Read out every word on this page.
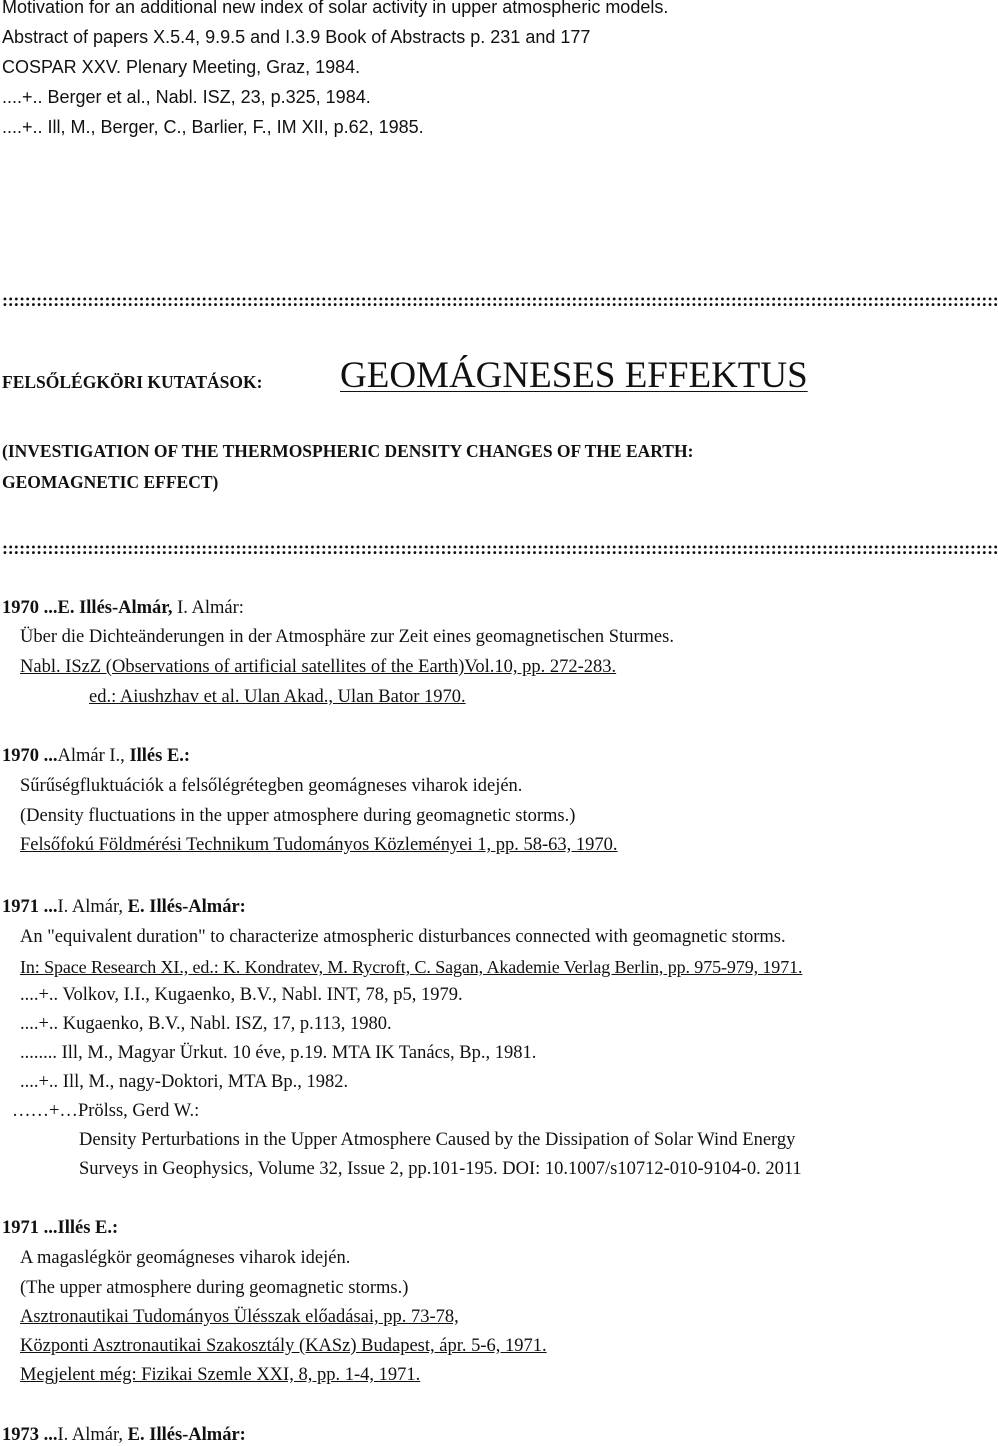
Motivation for an additional new index of solar activity in upper atmospheric models.
Abstract of papers X.5.4, 9.9.5 and I.3.9 Book of Abstracts p. 231 and 177
COSPAR XXV. Plenary Meeting, Graz, 1984.
....+.. Berger et al., Nabl. ISZ, 23, p.325, 1984.
....+.. Ill, M., Berger, C., Barlier, F., IM XII, p.62, 1985.
:::::::::::::::::::::::::::::::::::::::::::::::::::::::::::::::::::::::::::::::::::::::::::::::::::::::::::::::::::::::::::::::::::::::::::::::::::::::::::::::::::::::::::::::
FELSŐLÉGKÖRI KUTATÁSOK: GEOMÁGNESES EFFEKTUS
(INVESTIGATION OF THE THERMOSPHERIC DENSITY CHANGES OF THE EARTH:
GEOMAGNETIC EFFECT)
:::::::::::::::::::::::::::::::::::::::::::::::::::::::::::::::::::::::::::::::::::::::::::::::::::::::::::::::::::::::::::::::::::::::::::::::::::::::::::::::::::::::::::::::
1970 ...E. Illés-Almár, I. Almár:
Über die Dichteänderungen in der Atmosphäre zur Zeit eines geomagnetischen Sturmes.
Nabl. ISzZ (Observations of artificial satellites of the Earth)Vol.10, pp. 272-283.
ed.: Aiushzhav et al. Ulan Akad., Ulan Bator 1970.
1970 ...Almár I., Illés E.:
Sűrűségfluktuációk a felsőlégrétegben geomágneses viharok idején.
(Density fluctuations in the upper atmosphere during geomagnetic storms.)
Felsőfokú Földmérési Technikum Tudományos Közleményei 1, pp. 58-63, 1970.
1971 ...I. Almár, E. Illés-Almár:
An "equivalent duration" to characterize atmospheric disturbances connected with geomagnetic storms.
In: Space Research XI., ed.: K. Kondratev, M. Rycroft, C. Sagan, Akademie Verlag Berlin, pp. 975-979, 1971.
....+.. Volkov, I.I., Kugaenko, B.V., Nabl. INT, 78, p5, 1979.
....+.. Kugaenko, B.V., Nabl. ISZ, 17, p.113, 1980.
........ Ill, M., Magyar Ürkut. 10 éve, p.19. MTA IK Tanács, Bp., 1981.
....+.. Ill, M., nagy-Doktori, MTA Bp., 1982.
……+…Prölss, Gerd W.:
Density Perturbations in the Upper Atmosphere Caused by the Dissipation of Solar Wind Energy
Surveys in Geophysics, Volume 32, Issue 2, pp.101-195. DOI: 10.1007/s10712-010-9104-0. 2011
1971 ...Illés E.:
A magaslégkör geomágneses viharok idején.
(The upper atmosphere during geomagnetic storms.)
Asztronautikai Tudományos Ülésszak előadásai, pp. 73-78,
Központi Asztronautikai Szakosztály (KASz) Budapest, ápr. 5-6, 1971.
Megjelent még: Fizikai Szemle XXI, 8, pp. 1-4, 1971.
1973 ...I. Almár, E. Illés-Almár:
